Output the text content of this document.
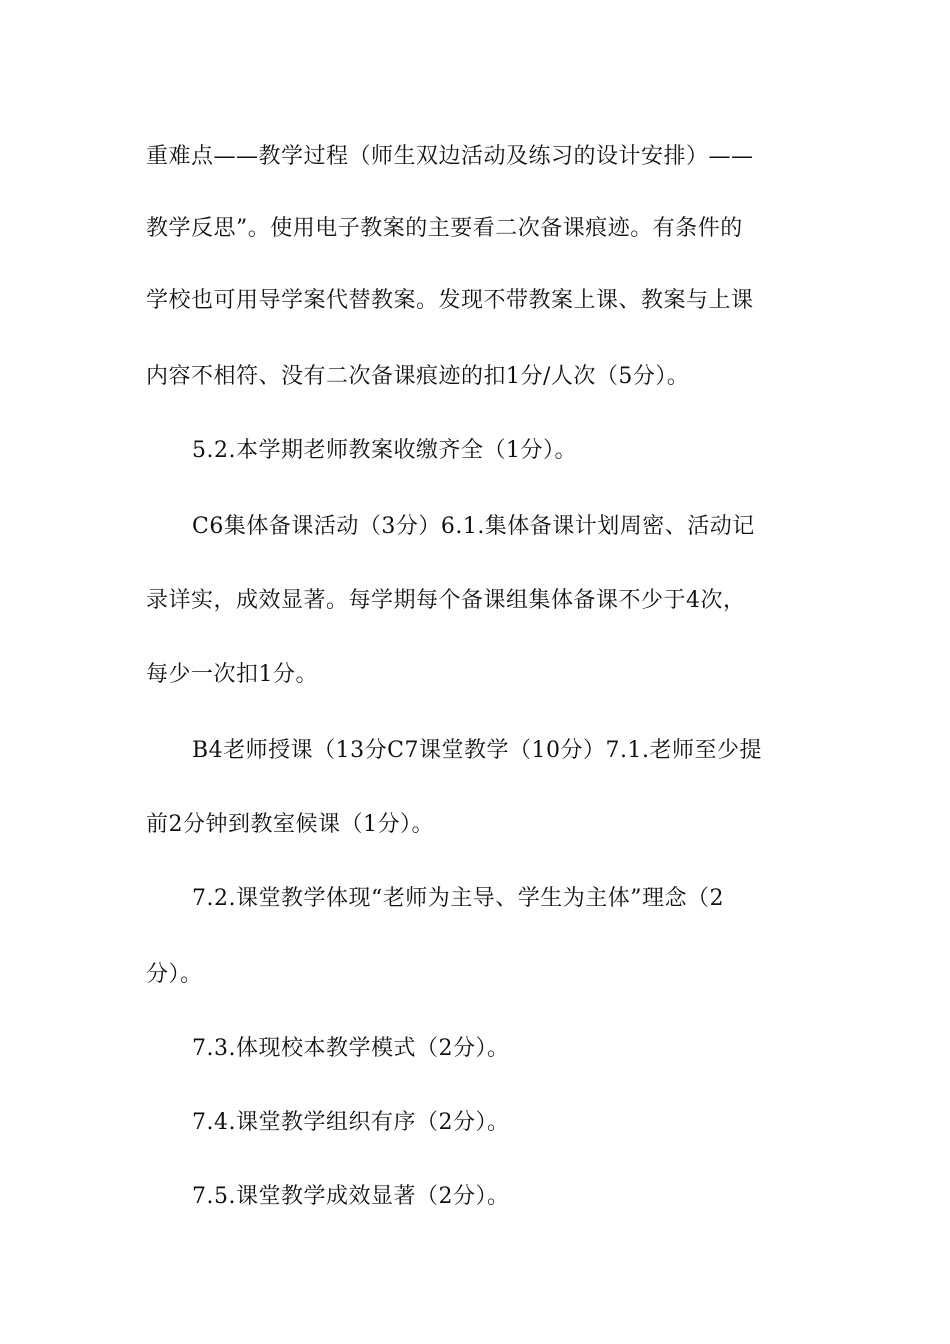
重难点——教学过程（师生双边活动及练习的设计安排）——
教学反思”。使用电子教案的主要看二次备课痕迹。有条件的
学校也可用导学案代替教案。发现不带教案上课、教案与上课
内容不相符、没有二次备课痕迹的扣1分/人次（5分）。
5.2.本学期老师教案收缴齐全（1分）。
C6集体备课活动（3分）6.1.集体备课计划周密、活动记
录详实，成效显著。每学期每个备课组集体备课不少于4次，
每少一次扣1分。
B4老师授课（13分C7课堂教学（10分）7.1.老师至少提
前2分钟到教室候课（1分）。
7.2.课堂教学体现“老师为主导、学生为主体”理念（2
分）。
7.3.体现校本教学模式（2分）。
7.4.课堂教学组织有序（2分）。
7.5.课堂教学成效显著（2分）。
